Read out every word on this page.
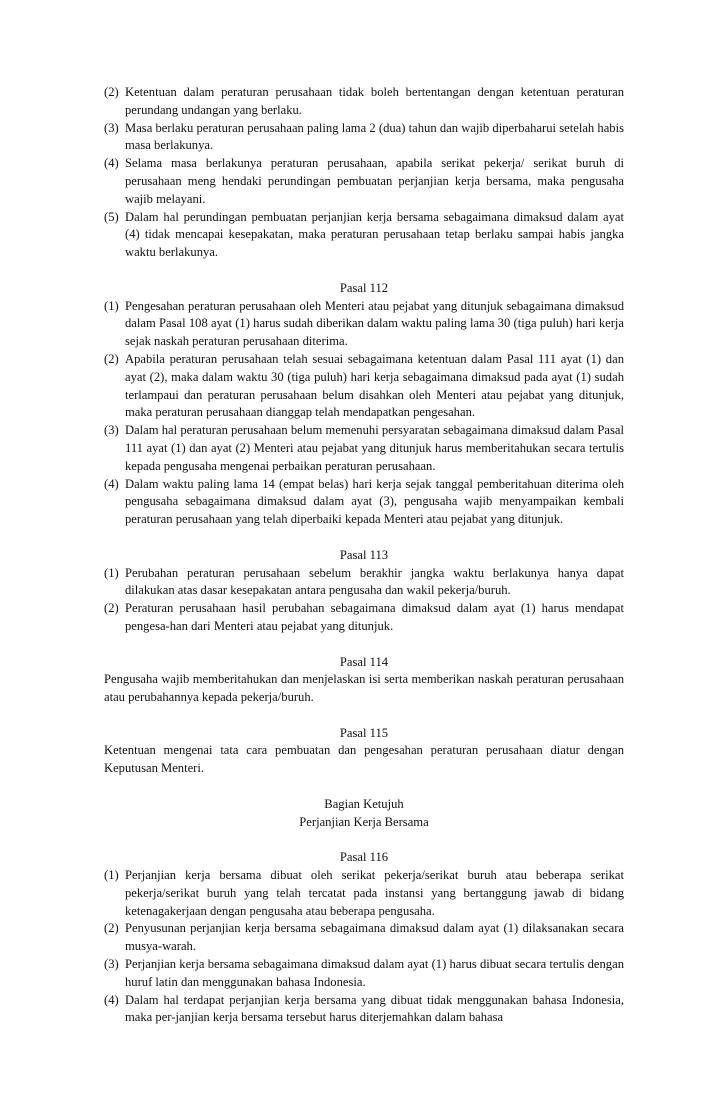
(2) Ketentuan dalam peraturan perusahaan tidak boleh bertentangan dengan ketentuan peraturan perundang undangan yang berlaku.
(3) Masa berlaku peraturan perusahaan paling lama 2 (dua) tahun dan wajib diperbaharui setelah habis masa berlakunya.
(4) Selama masa berlakunya peraturan perusahaan, apabila serikat pekerja/ serikat buruh di perusahaan meng hendaki perundingan pembuatan perjanjian kerja bersama, maka pengusaha wajib melayani.
(5) Dalam hal perundingan pembuatan perjanjian kerja bersama sebagaimana dimaksud dalam ayat (4) tidak mencapai kesepakatan, maka peraturan perusahaan tetap berlaku sampai habis jangka waktu berlakunya.
Pasal 112
(1) Pengesahan peraturan perusahaan oleh Menteri atau pejabat yang ditunjuk sebagaimana dimaksud dalam Pasal 108 ayat (1) harus sudah diberikan dalam waktu paling lama 30 (tiga puluh) hari kerja sejak naskah peraturan perusahaan diterima.
(2) Apabila peraturan perusahaan telah sesuai sebagaimana ketentuan dalam Pasal 111 ayat (1) dan ayat (2), maka dalam waktu 30 (tiga puluh) hari kerja sebagaimana dimaksud pada ayat (1) sudah terlampaui dan peraturan perusahaan belum disahkan oleh Menteri atau pejabat yang ditunjuk, maka peraturan perusahaan dianggap telah mendapatkan pengesahan.
(3) Dalam hal peraturan perusahaan belum memenuhi persyaratan sebagaimana dimaksud dalam Pasal 111 ayat (1) dan ayat (2) Menteri atau pejabat yang ditunjuk harus memberitahukan secara tertulis kepada pengusaha mengenai perbaikan peraturan perusahaan.
(4) Dalam waktu paling lama 14 (empat belas) hari kerja sejak tanggal pemberitahuan diterima oleh pengusaha sebagaimana dimaksud dalam ayat (3), pengusaha wajib menyampaikan kembali peraturan perusahaan yang telah diperbaiki kepada Menteri atau pejabat yang ditunjuk.
Pasal 113
(1) Perubahan peraturan perusahaan sebelum berakhir jangka waktu berlakunya hanya dapat dilakukan atas dasar kesepakatan antara pengusaha dan wakil pekerja/buruh.
(2) Peraturan perusahaan hasil perubahan sebagaimana dimaksud dalam ayat (1) harus mendapat pengesa-han dari Menteri atau pejabat yang ditunjuk.
Pasal 114
Pengusaha wajib memberitahukan dan menjelaskan isi serta memberikan naskah peraturan perusahaan atau perubahannya kepada pekerja/buruh.
Pasal 115
Ketentuan mengenai tata cara pembuatan dan pengesahan peraturan perusahaan diatur dengan Keputusan Menteri.
Bagian Ketujuh
Perjanjian Kerja Bersama
Pasal 116
(1) Perjanjian kerja bersama dibuat oleh serikat pekerja/serikat buruh atau beberapa serikat pekerja/serikat buruh yang telah tercatat pada instansi yang bertanggung jawab di bidang ketenagakerjaan dengan pengusaha atau beberapa pengusaha.
(2) Penyusunan perjanjian kerja bersama sebagaimana dimaksud dalam ayat (1) dilaksanakan secara musya-warah.
(3) Perjanjian kerja bersama sebagaimana dimaksud dalam ayat (1) harus dibuat secara tertulis dengan huruf latin dan menggunakan bahasa Indonesia.
(4) Dalam hal terdapat perjanjian kerja bersama yang dibuat tidak menggunakan bahasa Indonesia, maka per-janjian kerja bersama tersebut harus diterjemahkan dalam bahasa
